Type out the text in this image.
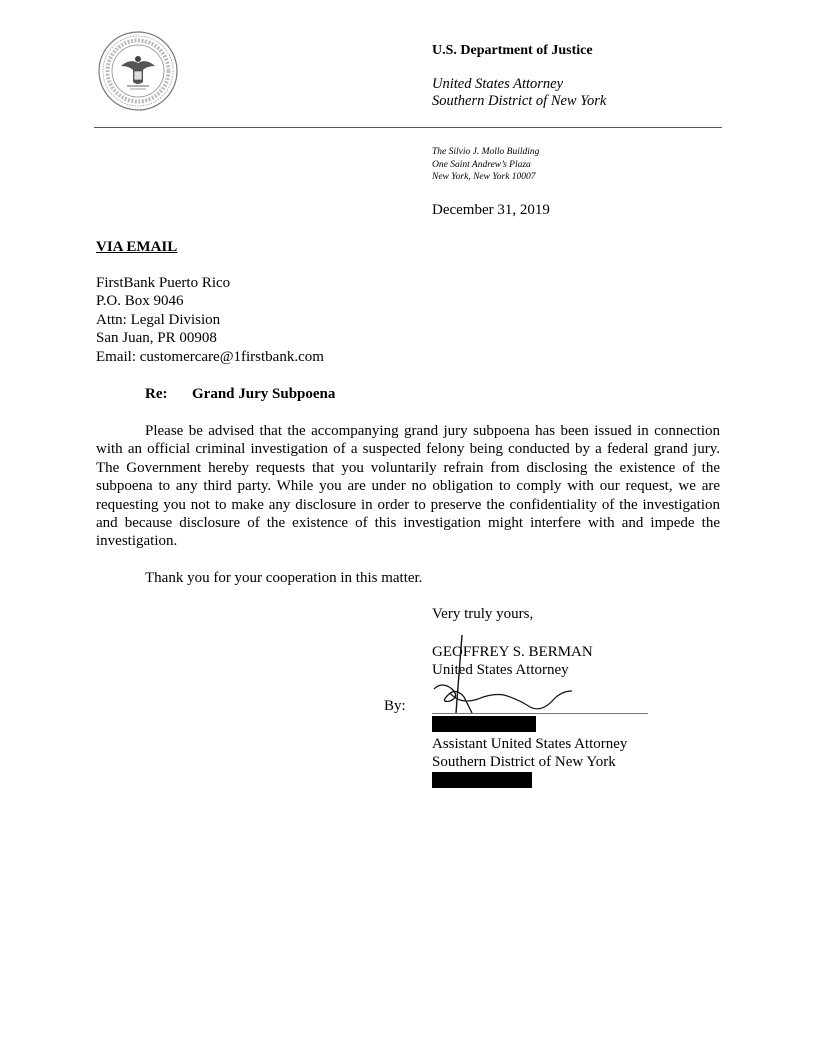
U.S. Department of Justice
United States Attorney
Southern District of New York
The Silvio J. Mollo Building
One Saint Andrew’s Plaza
New York, New York 10007
December 31, 2019
VIA EMAIL
FirstBank Puerto Rico
P.O. Box 9046
Attn: Legal Division
San Juan, PR 00908
Email: customercare@1firstbank.com
Re: Grand Jury Subpoena

Please be advised that the accompanying grand jury subpoena has been issued in connection with an official criminal investigation of a suspected felony being conducted by a federal grand jury. The Government hereby requests that you voluntarily refrain from disclosing the existence of the subpoena to any third party. While you are under no obligation to comply with our request, we are requesting you not to make any disclosure in order to preserve the confidentiality of the investigation and because disclosure of the existence of this investigation might interfere with and impede the investigation.

Thank you for your cooperation in this matter.
Very truly yours,
GEOFFREY S. BERMAN
United States Attorney
By:
Assistant United States Attorney
Southern District of New York
